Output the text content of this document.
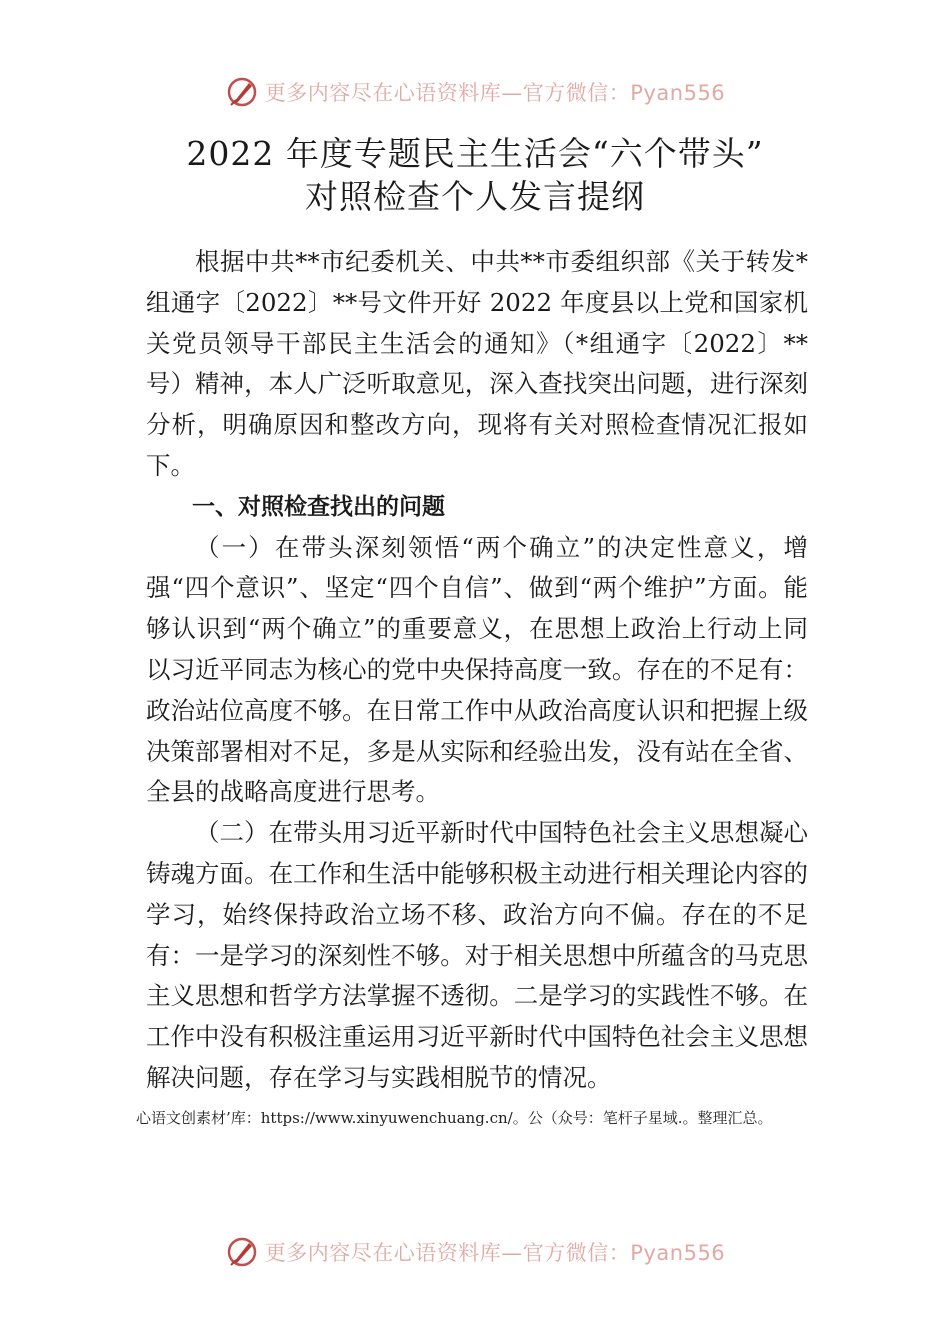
更多内容尽在心语资料库—官方微信：Pyan556
2022 年度专题民主生活会“六个带头”
对照检查个人发言提纲

根据中共**市纪委机关、中共**市委组织部《关于转发*组通字〔2022〕**号文件开好 2022 年度县以上党和国家机关党员领导干部民主生活会的通知》（*组通字〔2022〕**号）精神，本人广泛听取意见，深入查找突出问题，进行深刻分析，明确原因和整改方向，现将有关对照检查情况汇报如下。

一、对照检查找出的问题

（一）在带头深刻领悟“两个确立”的决定性意义，增强“四个意识”、坚定“四个自信”、做到“两个维护”方面。能够认识到“两个确立”的重要意义，在思想上政治上行动上同以习近平同志为核心的党中央保持高度一致。存在的不足有：政治站位高度不够。在日常工作中从政治高度认识和把握上级决策部署相对不足，多是从实际和经验出发，没有站在全省、全县的战略高度进行思考。

（二）在带头用习近平新时代中国特色社会主义思想凝心铸魂方面。在工作和生活中能够积极主动进行相关理论内容的学习，始终保持政治立场不移、政治方向不偏。存在的不足有：一是学习的深刻性不够。对于相关思想中所蕴含的马克思主义思想和哲学方法掌握不透彻。二是学习的实践性不够。在工作中没有积极注重运用习近平新时代中国特色社会主义思想解决问题，存在学习与实践相脱节的情况。

心语文创素材’库：https://www.xinyuwenchuang.cn/。公（众号：笔杆子星域.。整理汇总。
更多内容尽在心语资料库—官方微信：Pyan556
